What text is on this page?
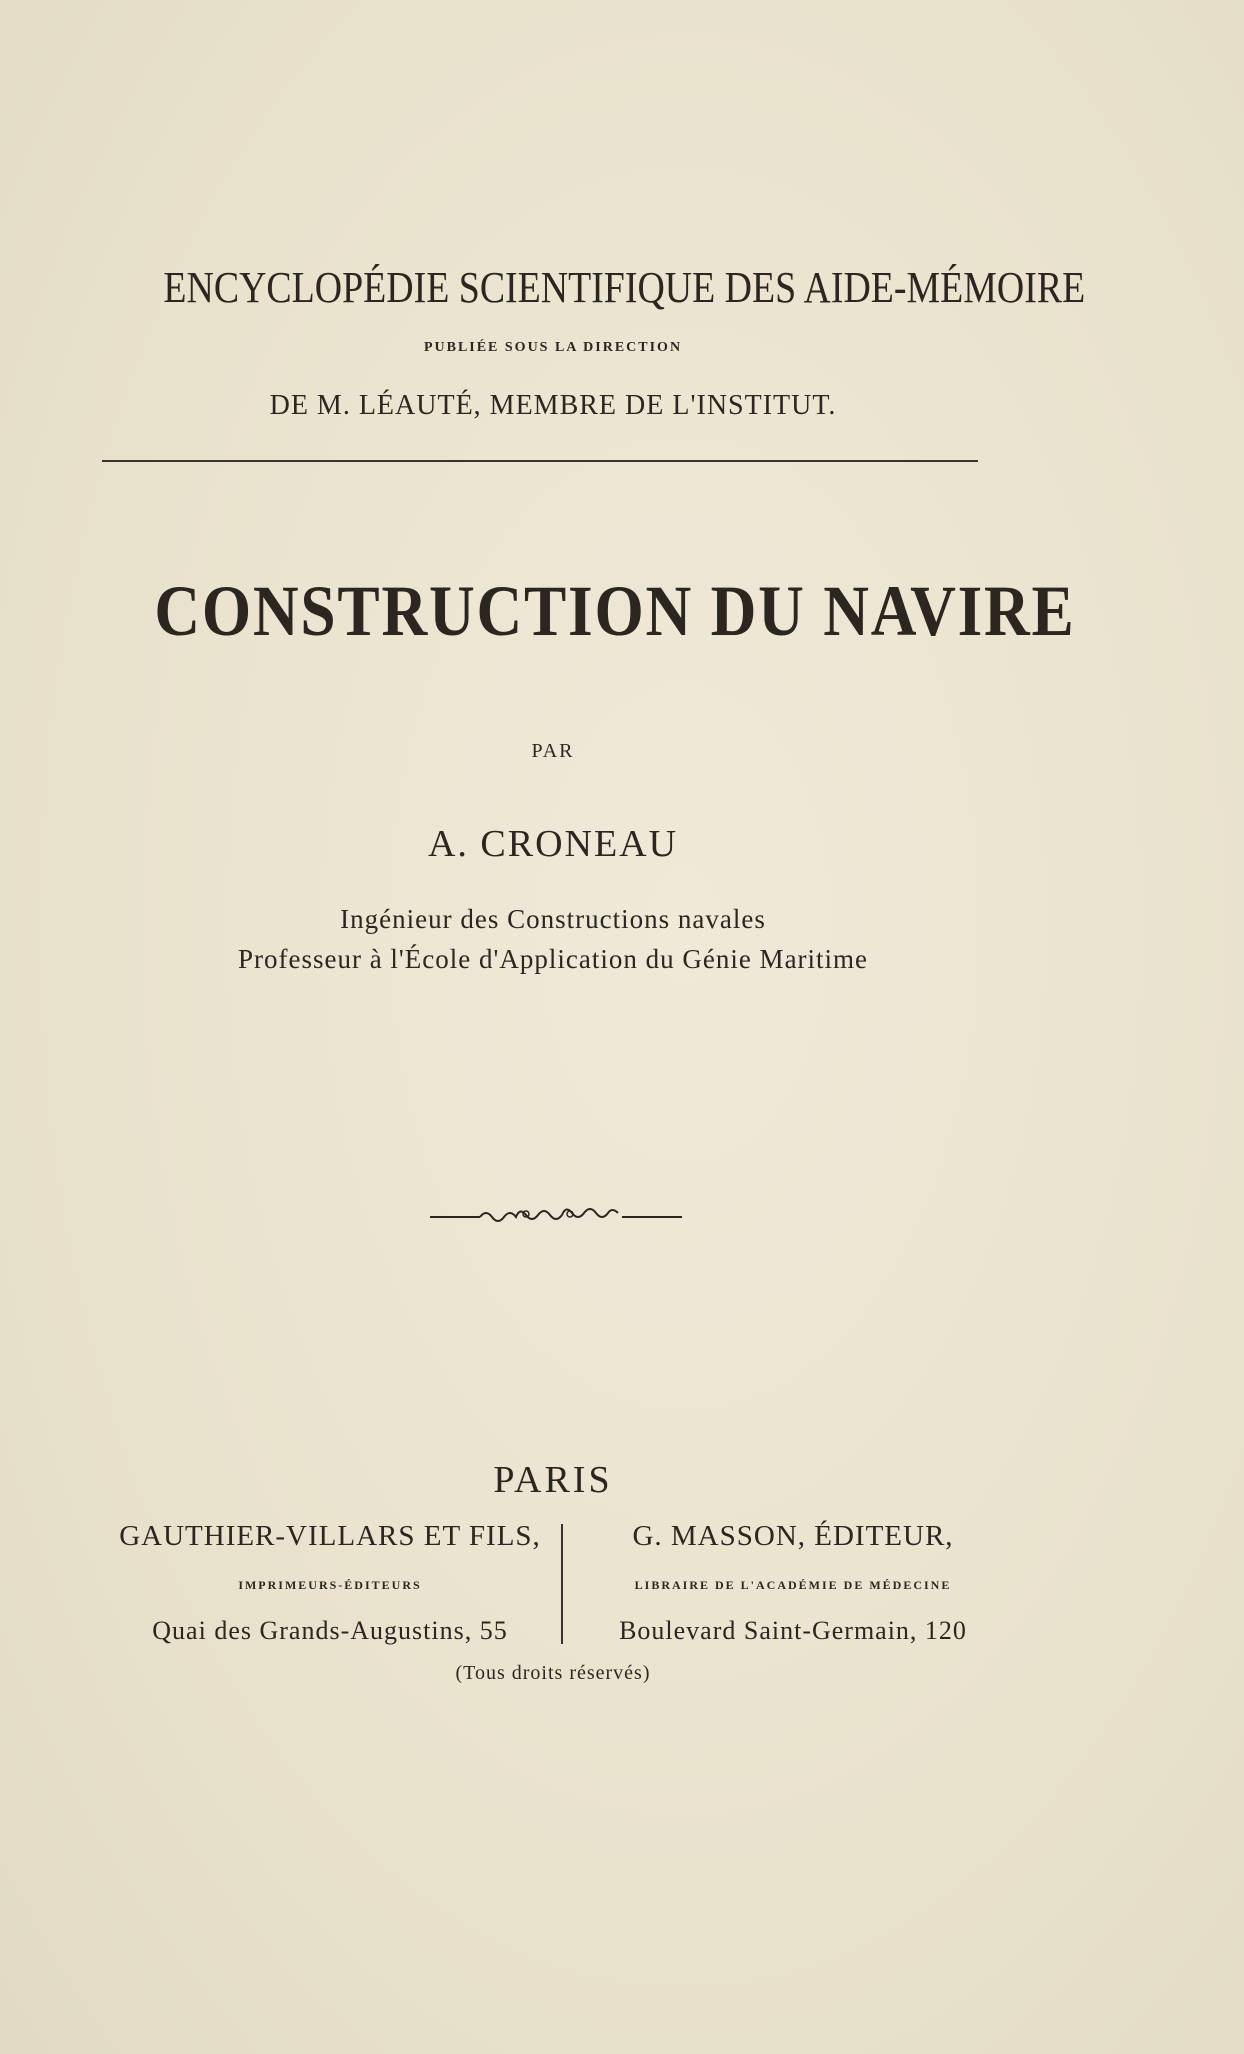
ENCYCLOPÉDIE SCIENTIFIQUE DES AIDE-MÉMOIRE
PUBLIÉE SOUS LA DIRECTION
DE M. LÉAUTÉ, MEMBRE DE L'INSTITUT.
CONSTRUCTION DU NAVIRE
PAR
A. CRONEAU
Ingénieur des Constructions navales
Professeur à l'École d'Application du Génie Maritime
PARIS
GAUTHIER-VILLARS ET FILS,	G. MASSON, ÉDITEUR,
IMPRIMEURS-ÉDITEURS	LIBRAIRE DE L'ACADÉMIE DE MÉDECINE
Quai des Grands-Augustins, 55	Boulevard Saint-Germain, 120
(Tous droits réservés)
